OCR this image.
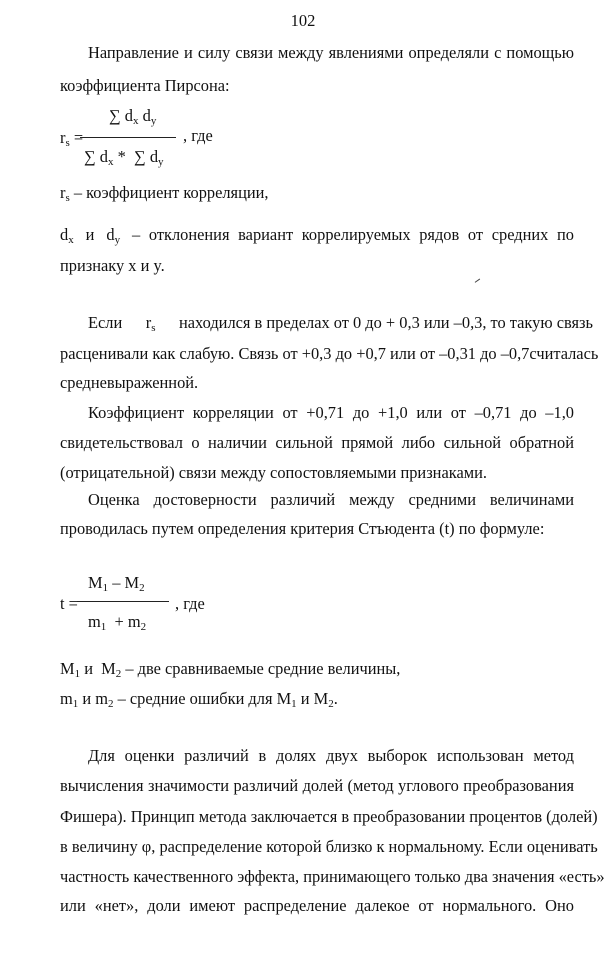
102
Направление и силу связи между явлениями определяли с помощью
коэффициента Пирсона:
$r_s$ =
∑ $d_x$ $d_y$
∑ $d_x$ * ∑ $d_y$
, где
$r_s$ – коэффициент корреляции,
$d_x$ и $d_y$ – отклонения вариант коррелируемых рядов от средних по
признаку x и y.
Если $r_s$ находился в пределах от 0 до + 0,3 или –0,3, то такую связь
расценивали как слабую. Связь от +0,3 до +0,7 или от –0,31 до –0,7считалась
средневыраженной.
Коэффициент корреляции от +0,71 до +1,0 или от –0,71 до –1,0
свидетельствовал о наличии сильной прямой либо сильной обратной
(отрицательной) связи между сопостовляемыми признаками.
Оценка достоверности различий между средними величинами
проводилась путем определения критерия Стъюдента (t) по формуле:
t =
$M_1 - M_2$
$m_1 + m_2$
, где
$M_1$ и $M_2$ – две сравниваемые средние величины,
$m_1$ и $m_2$ – средние ошибки для $M_1$ и $M_2$.
Для оценки различий в долях двух выборок использован метод
вычисления значимости различий долей (метод углового преобразования
Фишера). Принцип метода заключается в преобразовании процентов (долей)
в величину φ, распределение которой близко к нормальному. Если оценивать
частность качественного эффекта, принимающего только два значения «есть»
или «нет», доли имеют распределение далекое от нормального. Оно
